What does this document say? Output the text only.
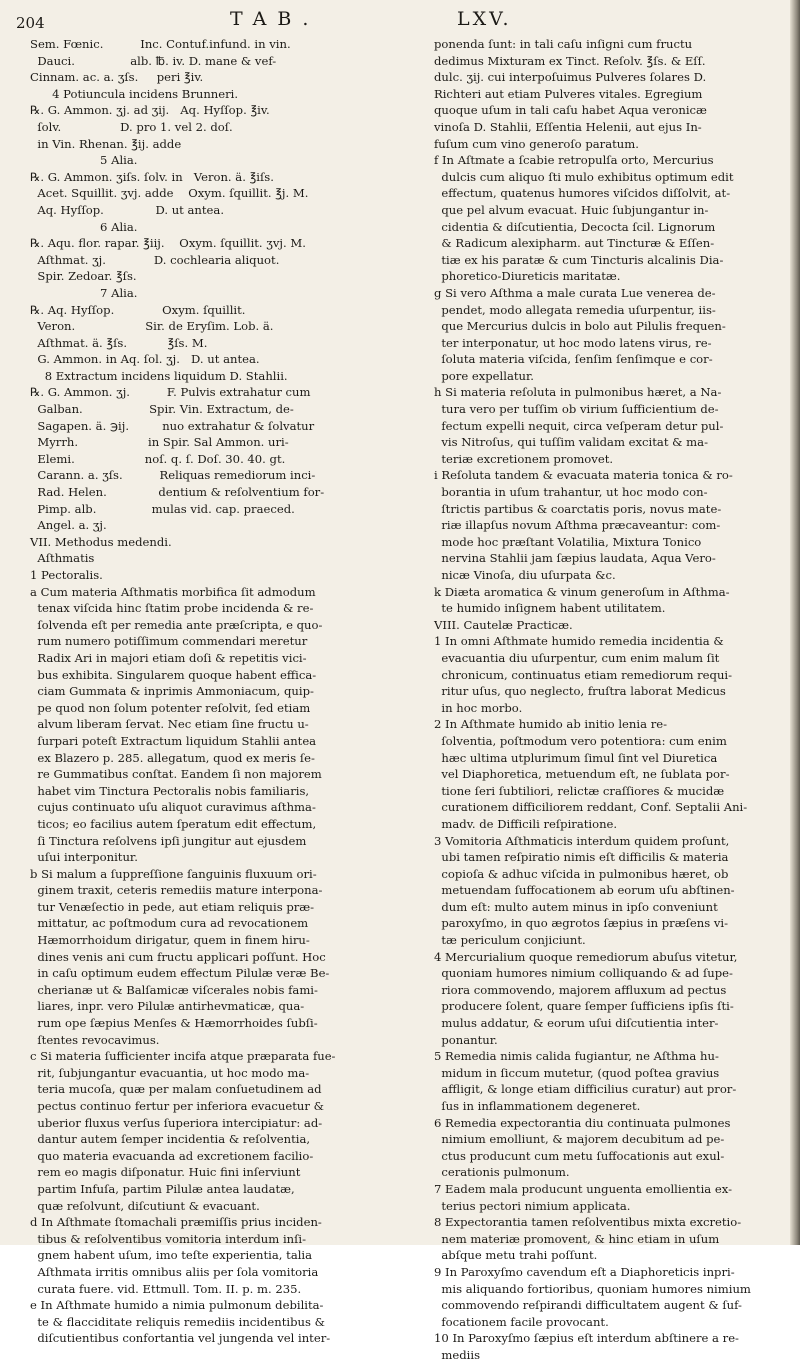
204	TAB.	LXV.
Sem. Fœnic.          Inc. Contuf.infund. in vin.
Dauci.               alb. ℔. iv. D. mane & vef-
Cinnam. ac. a. ʒſs.     peri ℥iv.
4 Potiuncula incidens Brunneri.
℞. G. Ammon. ʒj. ad ʒij.   Aq. Hyſſop. ℥iv.
ſolv.                D. pro 1. vel 2. doſ.
in Vin. Rhenan. ℥ij. adde
5 Alia.
℞. G. Ammon. ʒiſs. ſolv. in   Veron. ä. ℥iſs.
Acet. Squillit. ʒvj. adde    Oxym. ſquillit. ℥j. M.
Aq. Hyſſop.              D. ut antea.
6 Alia.
℞. Aqu. flor. rapar. ℥iij.    Oxym. ſquillit. ʒvj. M.
Aſthmat. ʒj.             D. cochlearia aliquot.
Spir. Zedoar. ℥ſs.
7 Alia.
℞. Aq. Hyſſop.             Oxym. ſquillit.
Veron.                   Sir. de Eryſim. Lob. ä.
Aſthmat. ä. ℥ſs.           ℥ſs. M.
G. Ammon. in Aq. ſol. ʒj.   D. ut antea.
8 Extractum incidens liquidum D. Stahlii.
℞. G. Ammon. ʒj.          F. Pulvis extrahatur cum
Galban.                  Spir. Vin. Extractum, de-
Sagapen. ä. ℈ij.         nuo extrahatur & ſolvatur
Myrrh.                   in Spir. Sal Ammon. uri-
Elemi.                   noſ. q. ſ. Doſ. 30. 40. gt.
Carann. a. ʒſs.          Reliquas remediorum inci-
Rad. Helen.              dentium & reſolventium for-
Pimp. alb.               mulas vid. cap. praeced.
Angel. a. ʒj.
VII. Methodus medendi.
Aſthmatis
1 Pectoralis.
a Cum materia Aſthmatis morbifica ſit admodum
tenax viſcida hinc ſtatim probe incidenda & re-
ſolvenda eſt per remedia ante præſcripta, e quo-
rum numero potiſſimum commendari meretur
Radix Ari in majori etiam doſi & repetitis vici-
bus exhibita. Singularem quoque habent effica-
ciam Gummata & inprimis Ammoniacum, quip-
pe quod non ſolum potenter reſolvit, ſed etiam
alvum liberam ſervat. Nec etiam ſine fructu u-
ſurpari poteſt Extractum liquidum Stahlii antea
ex Blazero p. 285. allegatum, quod ex meris ſe-
re Gummatibus conſtat. Eandem ſi non majorem
habet vim Tinctura Pectoralis nobis familiaris,
cujus continuato uſu aliquot curavimus aſthma-
ticos; eo facilius autem ſperatum edit effectum,
ſi Tinctura reſolvens ipſi jungitur aut ejusdem
uſui interponitur.
b Si malum a ſuppreſſione ſanguinis fluxuum ori-
ginem traxit, ceteris remediis mature interpona-
tur Venæſectio in pede, aut etiam reliquis præ-
mittatur, ac poſtmodum cura ad revocationem
Hæmorrhoidum dirigatur, quem in finem hiru-
dines venis ani cum fructu applicari poſſunt. Hoc
in caſu optimum eudem effectum Pilulæ veræ Be-
cherianæ ut & Balſamicæ viſcerales nobis fami-
liares, inpr. vero Pilulæ antirhevmaticæ, qua-
rum ope ſæpius Menſes & Hæmorrhoides ſubſi-
ſtentes revocavimus.
c Si materia ſufficienter incifa atque præparata fue-
rit, ſubjungantur evacuantia, ut hoc modo ma-
teria mucoſa, quæ per malam conſuetudinem ad
pectus continuo fertur per inferiora evacuetur &
uberior fluxus verſus ſuperiora intercipiatur: ad-
dantur autem ſemper incidentia & reſolventia,
quo materia evacuanda ad excretionem facilio-
rem eo magis diſponatur. Huic fini inſerviunt
partim Infuſa, partim Pilulæ antea laudatæ,
quæ reſolvunt, diſcutiunt & evacuant.
d In Aſthmate ſtomachali præmiſſis prius inciden-
tibus & reſolventibus vomitoria interdum inſi-
gnem habent uſum, imo teſte experientia, talia
Aſthmata irritis omnibus aliis per ſola vomitoria
curata fuere. vid. Ettmull. Tom. II. p. m. 235.
e In Aſthmate humido a nimia pulmonum debilita-
te & flacciditate reliquis remediis incidentibus &
diſcutientibus confortantia vel jungenda vel inter-
ponenda ſunt: in tali caſu inſigni cum fructu
dedimus Mixturam ex Tinct. Reſolv. ℥ſs. & Eſſ.
dulc. ʒij. cui interpoſuimus Pulveres ſolares D.
Richteri aut etiam Pulveres vitales. Egregium
quoque uſum in tali caſu habet Aqua veronicæ
vinoſa D. Stahlii, Eſſentia Helenii, aut ejus In-
fuſum cum vino generoſo paratum.
f In Aſtmate a ſcabie retropulſa orto, Mercurius
dulcis cum aliquo ſti mulo exhibitus optimum edit
effectum, quatenus humores viſcidos diſſolvit, at-
que pel alvum evacuat. Huic ſubjungantur in-
cidentia & diſcutientia, Decocta ſcil. Lignorum
& Radicum alexipharm. aut Tincturæ & Eſſen-
tiæ ex his paratæ & cum Tincturis alcalinis Dia-
phoretico-Diureticis maritatæ.
g Si vero Aſthma a male curata Lue venerea de-
pendet, modo allegata remedia uſurpentur, iis-
que Mercurius dulcis in bolo aut Pilulis frequen-
ter interponatur, ut hoc modo latens virus, re-
ſoluta materia viſcida, ſenſim ſenſimque e cor-
pore expellatur.
h Si materia reſoluta in pulmonibus hæret, a Na-
tura vero per tuſſim ob virium ſufficientium de-
fectum expelli nequit, circa veſperam detur pul-
vis Nitroſus, qui tuſſim validam excitat & ma-
teriæ excretionem promovet.
i Reſoluta tandem & evacuata materia tonica & ro-
borantia in uſum trahantur, ut hoc modo con-
ſtrictis partibus & coarctatis poris, novus mate-
riæ illapſus novum Aſthma præcaveantur: com-
mode hoc præſtant Volatilia, Mixtura Tonico
nervina Stahlii jam ſæpius laudata, Aqua Vero-
nicæ Vinoſa, diu uſurpata &c.
k Diæta aromatica & vinum generoſum in Aſthma-
te humido inſignem habent utilitatem.
VIII. Cautelæ Practicæ.
1 In omni Aſthmate humido remedia incidentia &
evacuantia diu uſurpentur, cum enim malum ſit
chronicum, continuatus etiam remediorum requi-
ritur uſus, quo neglecto, fruſtra laborat Medicus
in hoc morbo.
2 In Aſthmate humido ab initio lenia re-
ſolventia, poſtmodum vero potentiora: cum enim
hæc ultima utplurimum ſimul ſint vel Diuretica
vel Diaphoretica, metuendum eſt, ne ſublata por-
tione ſeri ſubtiliori, relictæ craſſiores & mucidæ
curationem difficiliorem reddant, Conf. Septalii Ani-
madv. de Difficili reſpiratione.
3 Vomitoria Aſthmaticis interdum quidem proſunt,
ubi tamen reſpiratio nimis eſt difficilis & materia
copioſa & adhuc viſcida in pulmonibus hæret, ob
metuendam ſuffocationem ab eorum uſu abſtinen-
dum eſt: multo autem minus in ipſo conveniunt
paroxyſmo, in quo ægrotos ſæpius in præſens vi-
tæ periculum conjiciunt.
4 Mercurialium quoque remediorum abuſus vitetur,
quoniam humores nimium colliquando & ad ſupe-
riora commovendo, majorem affluxum ad pectus
producere ſolent, quare ſemper ſufficiens ipſis ſti-
mulus addatur, & eorum uſui diſcutientia inter-
ponantur.
5 Remedia nimis calida fugiantur, ne Aſthma hu-
midum in ſiccum mutetur, (quod poſtea gravius
affligit, & longe etiam difficilius curatur) aut pror-
ſus in inflammationem degeneret.
6 Remedia expectorantia diu continuata pulmones
nimium emolliunt, & majorem decubitum ad pe-
ctus producunt cum metu ſuffocationis aut exul-
cerationis pulmonum.
7 Eadem mala producunt unguenta emollientia ex-
terius pectori nimium applicata.
8 Expectorantia tamen reſolventibus mixta excretio-
nem materiæ promovent, & hinc etiam in uſum
abſque metu trahi poſſunt.
9 In Paroxyſmo cavendum eſt a Diaphoreticis inpri-
mis aliquando fortioribus, quoniam humores nimium
commovendo reſpirandi difficultatem augent & ſuf-
focationem facile provocant.
10 In Paroxyſmo ſæpius eſt interdum abſtinere a re-
mediis
